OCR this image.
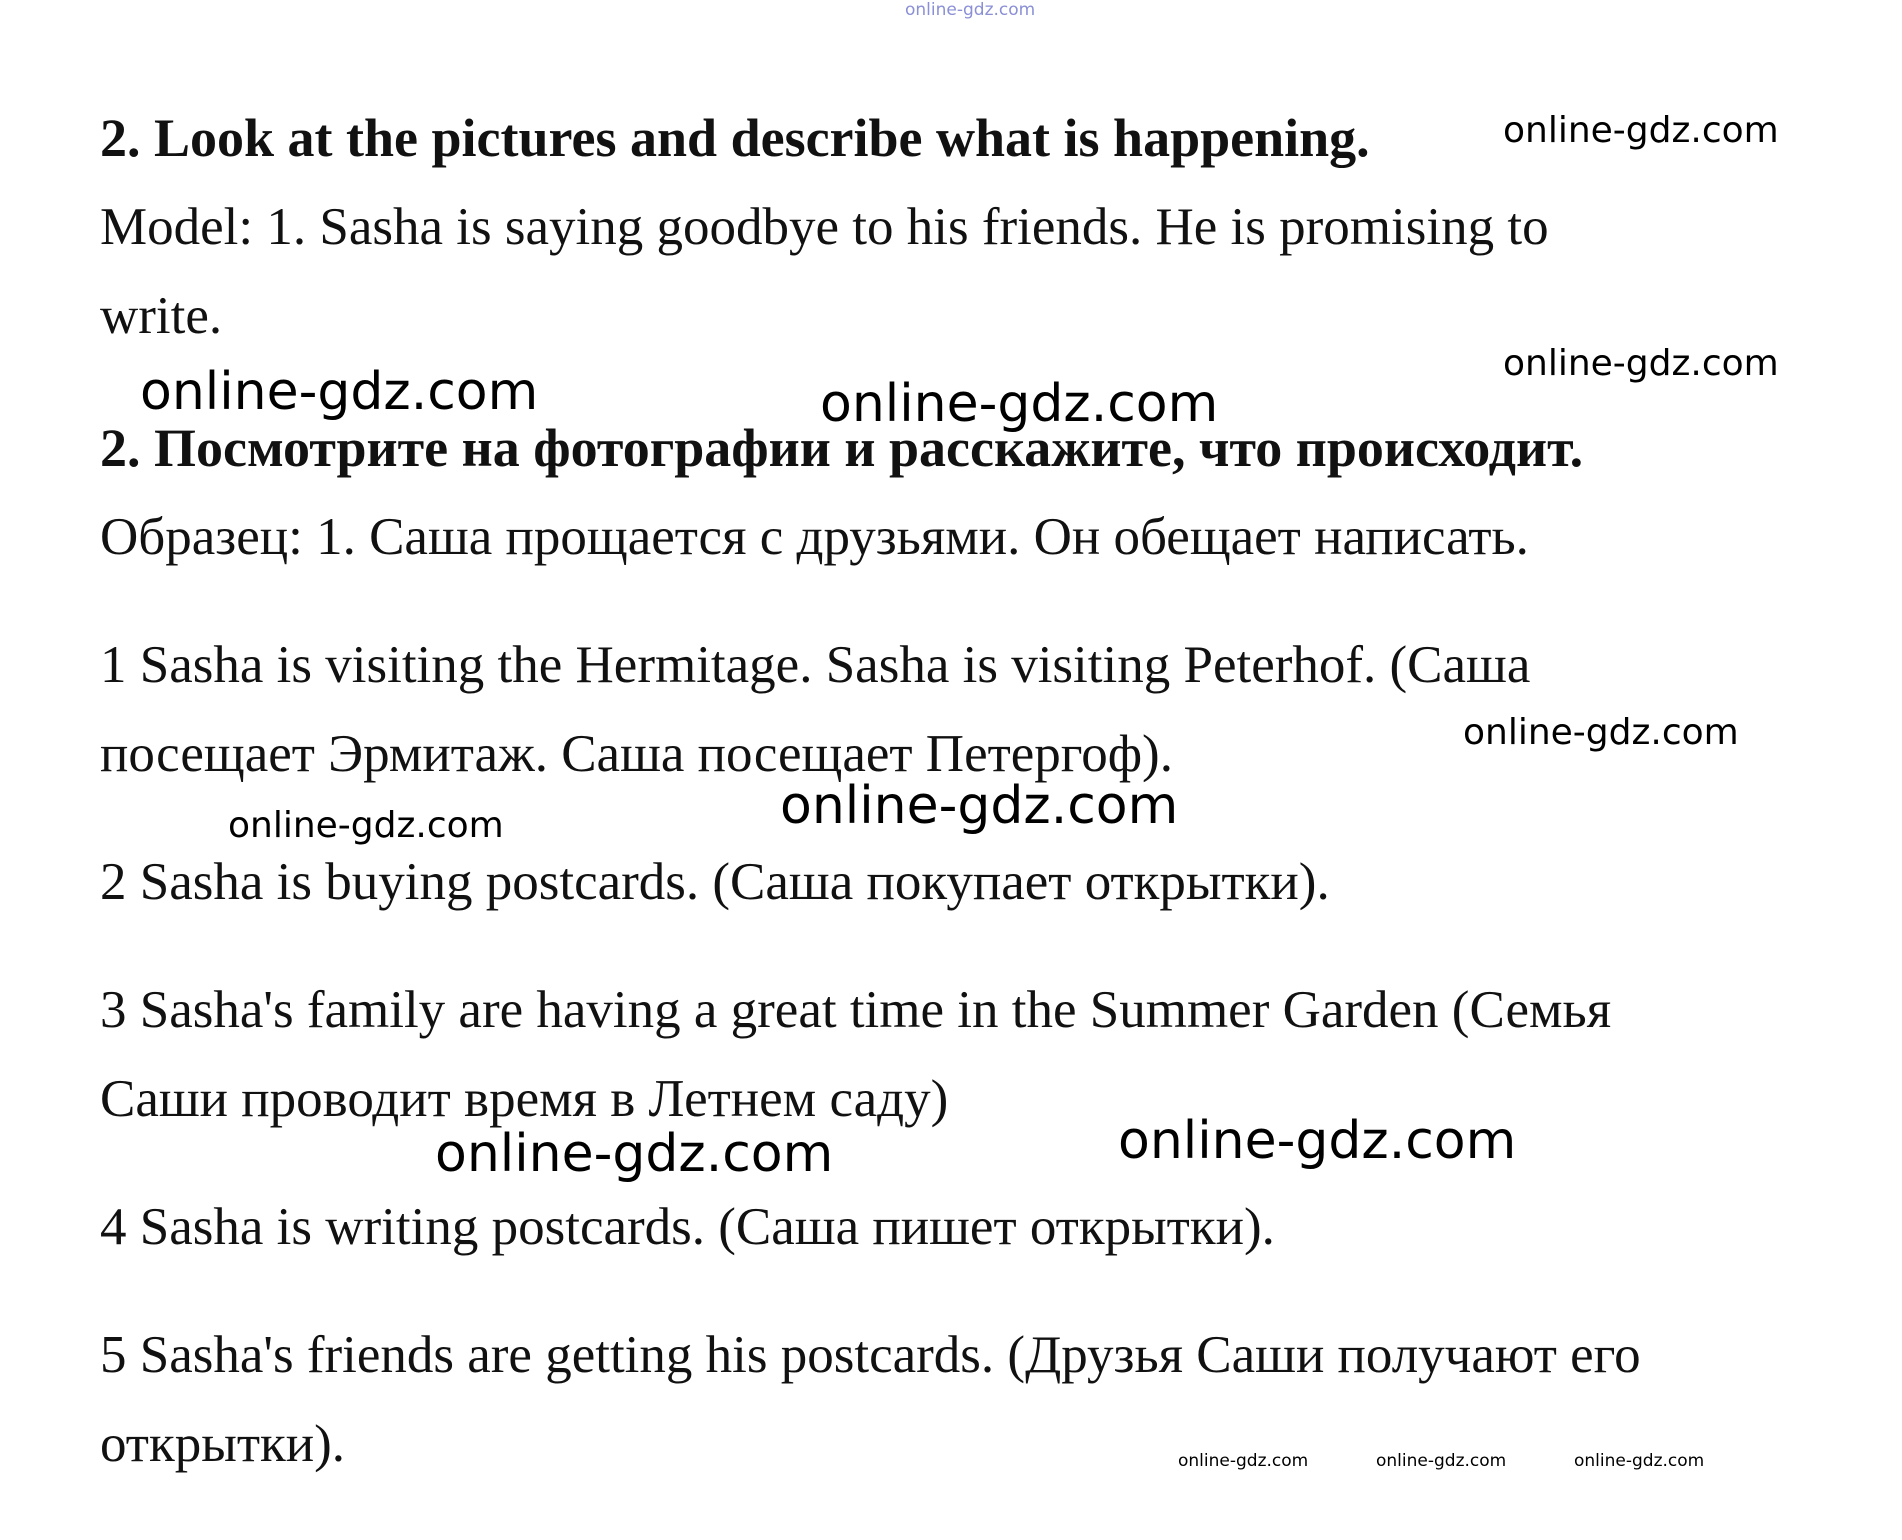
2. Look at the pictures and describe what is happening.
Model: 1. Sasha is saying goodbye to his friends. He is promising to
write.
2. Посмотрите на фотографии и расскажите, что происходит.
Образец: 1. Саша прощается с друзьями. Он обещает написать.
1 Sasha is visiting the Hermitage. Sasha is visiting Peterhof. (Саша
посещает Эрмитаж. Саша посещает Петергоф).
2 Sasha is buying postcards. (Саша покупает открытки).
3 Sasha's family are having a great time in the Summer Garden (Семья
Саши проводит время в Летнем саду)
4 Sasha is writing postcards. (Саша пишет открытки).
5 Sasha's friends are getting his postcards. (Друзья Саши получают его
открытки).
online-gdz.com
online-gdz.com
online-gdz.com
online-gdz.com	online-gdz.com
online-gdz.com
online-gdz.com
online-gdz.com
online-gdz.com
online-gdz.com
online-gdz.com	online-gdz.com	online-gdz.com
